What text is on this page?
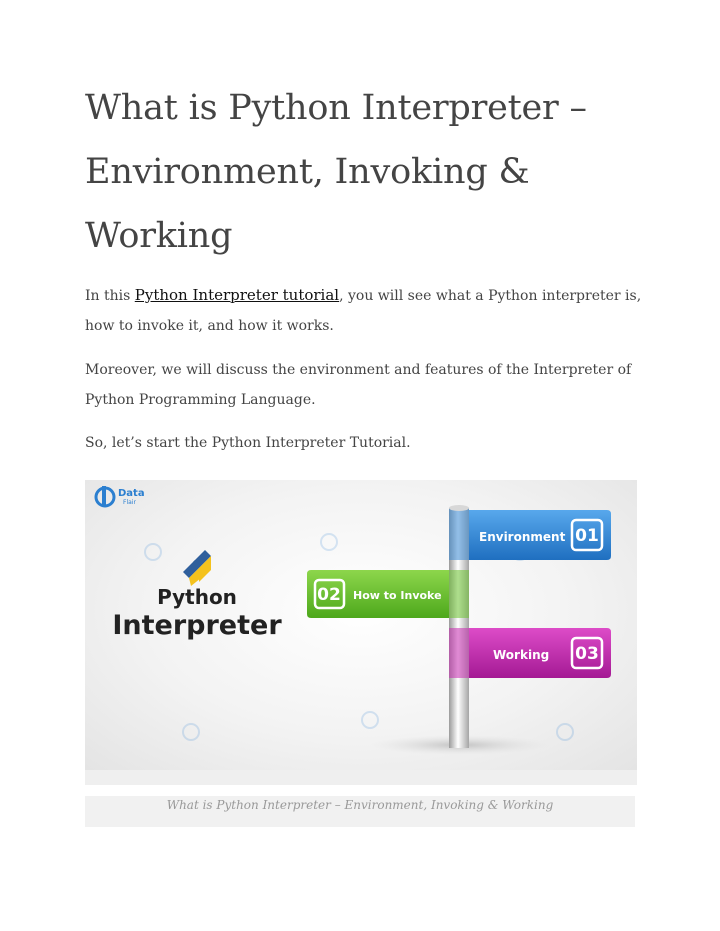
What is Python Interpreter –
Environment, Invoking &
Working

In this Python Interpreter tutorial, you will see what a Python interpreter is,
how to invoke it, and how it works.

Moreover, we will discuss the environment and features of the Interpreter of
Python Programming Language.

So, let’s start the Python Interpreter Tutorial.

Data
Flair
Python
Interpreter
Environment 01
02 How to Invoke
Working 03
What is Python Interpreter – Environment, Invoking & Working
